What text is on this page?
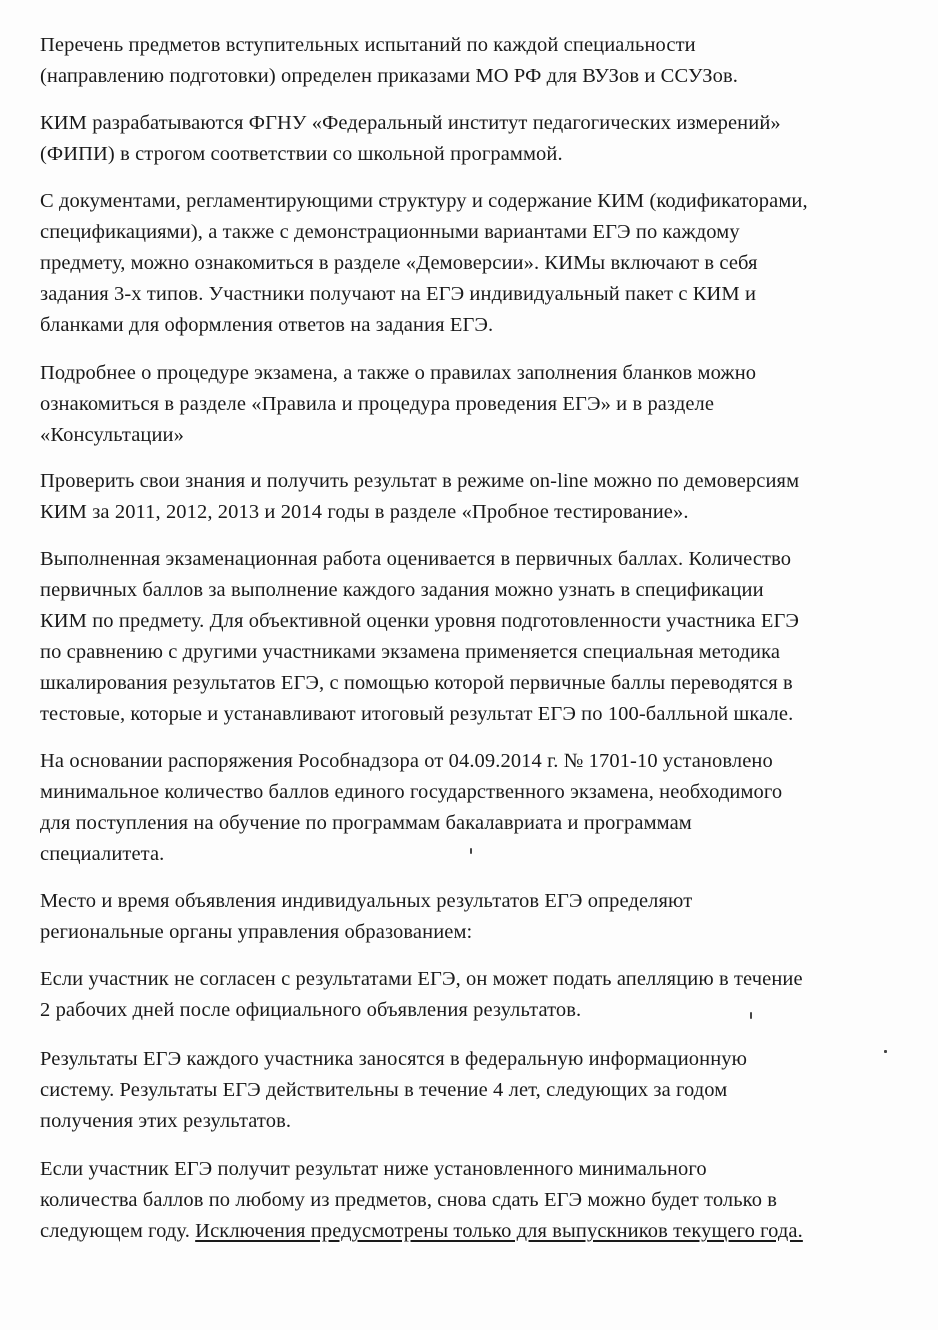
Перечень предметов вступительных испытаний по каждой специальности
(направлению подготовки) определен приказами МО РФ для ВУЗов и ССУЗов.
КИМ разрабатываются ФГНУ «Федеральный институт педагогических измерений»
(ФИПИ) в строгом соответствии со школьной программой.
С документами, регламентирующими структуру и содержание КИМ (кодификаторами,
спецификациями), а также с демонстрационными вариантами ЕГЭ по каждому
предмету, можно ознакомиться в разделе «Демоверсии». КИМы включают в себя
задания 3-х типов. Участники получают на ЕГЭ индивидуальный пакет с КИМ и
бланками для оформления ответов на задания ЕГЭ.
Подробнее о процедуре экзамена, а также о правилах заполнения бланков можно
ознакомиться в разделе «Правила и процедура проведения ЕГЭ» и в разделе
«Консультации»
Проверить свои знания и получить результат в режиме on-line можно по демоверсиям
КИМ за 2011, 2012, 2013 и 2014 годы в разделе «Пробное тестирование».
Выполненная экзаменационная работа оценивается в первичных баллах. Количество
первичных баллов за выполнение каждого задания можно узнать в спецификации
КИМ по предмету. Для объективной оценки уровня подготовленности участника ЕГЭ
по сравнению с другими участниками экзамена применяется специальная методика
шкалирования результатов ЕГЭ, с помощью которой первичные баллы переводятся в
тестовые, которые и устанавливают итоговый результат ЕГЭ по 100-балльной шкале.
На основании распоряжения Рособнадзора от 04.09.2014 г. № 1701-10 установлено
минимальное количество баллов единого государственного экзамена, необходимого
для поступления на обучение по программам бакалавриата и программам
специалитета.
Место и время объявления индивидуальных результатов ЕГЭ определяют
региональные органы управления образованием:
Если участник не согласен с результатами ЕГЭ, он может подать апелляцию в течение
2 рабочих дней после официального объявления результатов.
Результаты ЕГЭ каждого участника заносятся в федеральную информационную
систему. Результаты ЕГЭ действительны в течение 4 лет, следующих за годом
получения этих результатов.
Если участник ЕГЭ получит результат ниже установленного минимального
количества баллов по любому из предметов, снова сдать ЕГЭ можно будет только в
следующем году. Исключения предусмотрены только для выпускников текущего года.
